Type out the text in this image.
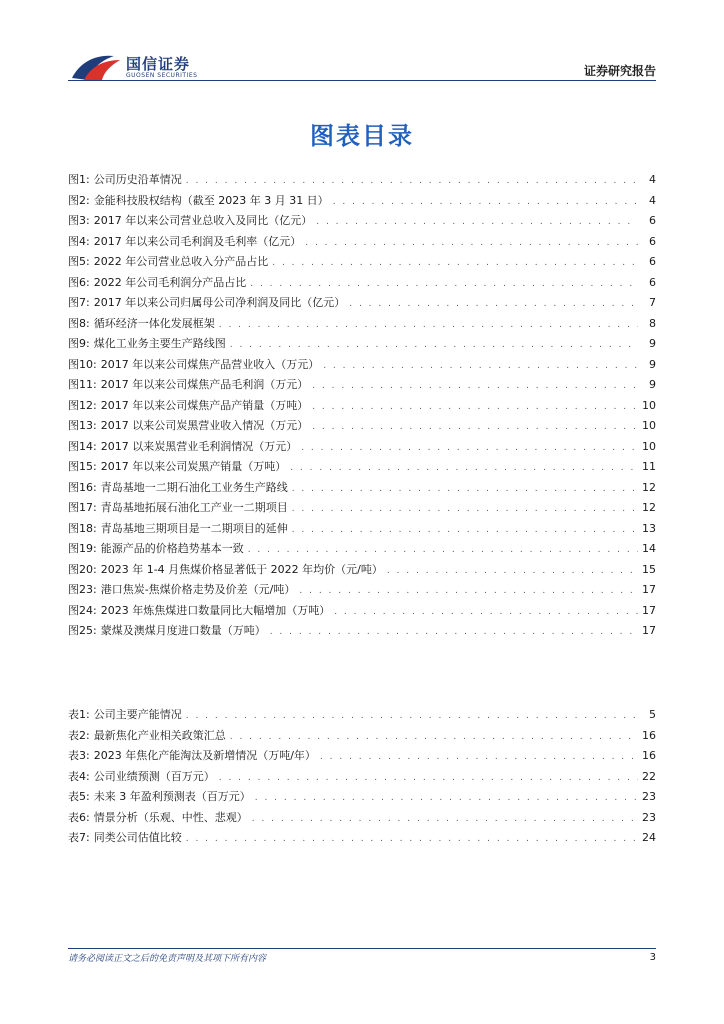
国信证券
GUOSEN SECURITIES	证券研究报告
图表目录
图1: 公司历史沿革情况 . . .	4
图2: 金能科技股权结构（截至 2023 年 3 月 31 日） . . .	4
图3: 2017 年以来公司营业总收入及同比（亿元） . . .	6
图4: 2017 年以来公司毛利润及毛利率（亿元） . . .	6
图5: 2022 年公司营业总收入分产品占比 . . .	6
图6: 2022 年公司毛利润分产品占比 . . .	6
图7: 2017 年以来公司归属母公司净利润及同比（亿元） . . .	7
图8: 循环经济一体化发展框架 . . .	8
图9: 煤化工业务主要生产路线图 . . .	9
图10: 2017 年以来公司煤焦产品营业收入（万元） . . .	9
图11: 2017 年以来公司煤焦产品毛利润（万元） . . .	9
图12: 2017 年以来公司煤焦产品产销量（万吨） . . .	10
图13: 2017 以来公司炭黑营业收入情况（万元） . . .	10
图14: 2017 以来炭黑营业毛利润情况（万元） . . .	10
图15: 2017 年以来公司炭黑产销量（万吨） . . .	11
图16: 青岛基地一二期石油化工业务生产路线 . . .	12
图17: 青岛基地拓展石油化工产业一二期项目 . . .	12
图18: 青岛基地三期项目是一二期项目的延伸 . . .	13
图19: 能源产品的价格趋势基本一致 . . .	14
图20: 2023 年 1-4 月焦煤价格显著低于 2022 年均价（元/吨） . . .	15
图23: 港口焦炭-焦煤价格走势及价差（元/吨） . . .	17
图24: 2023 年炼焦煤进口数量同比大幅增加（万吨） . . .	17
图25: 蒙煤及澳煤月度进口数量（万吨） . . .	17
表1: 公司主要产能情况 . . .	5
表2: 最新焦化产业相关政策汇总 . . .	16
表3: 2023 年焦化产能淘汰及新增情况（万吨/年） . . .	16
表4: 公司业绩预测（百万元） . . .	22
表5: 未来 3 年盈利预测表（百万元） . . .	23
表6: 情景分析（乐观、中性、悲观） . . .	23
表7: 同类公司估值比较 . . .	24
请务必阅读正文之后的免责声明及其项下所有内容	3
